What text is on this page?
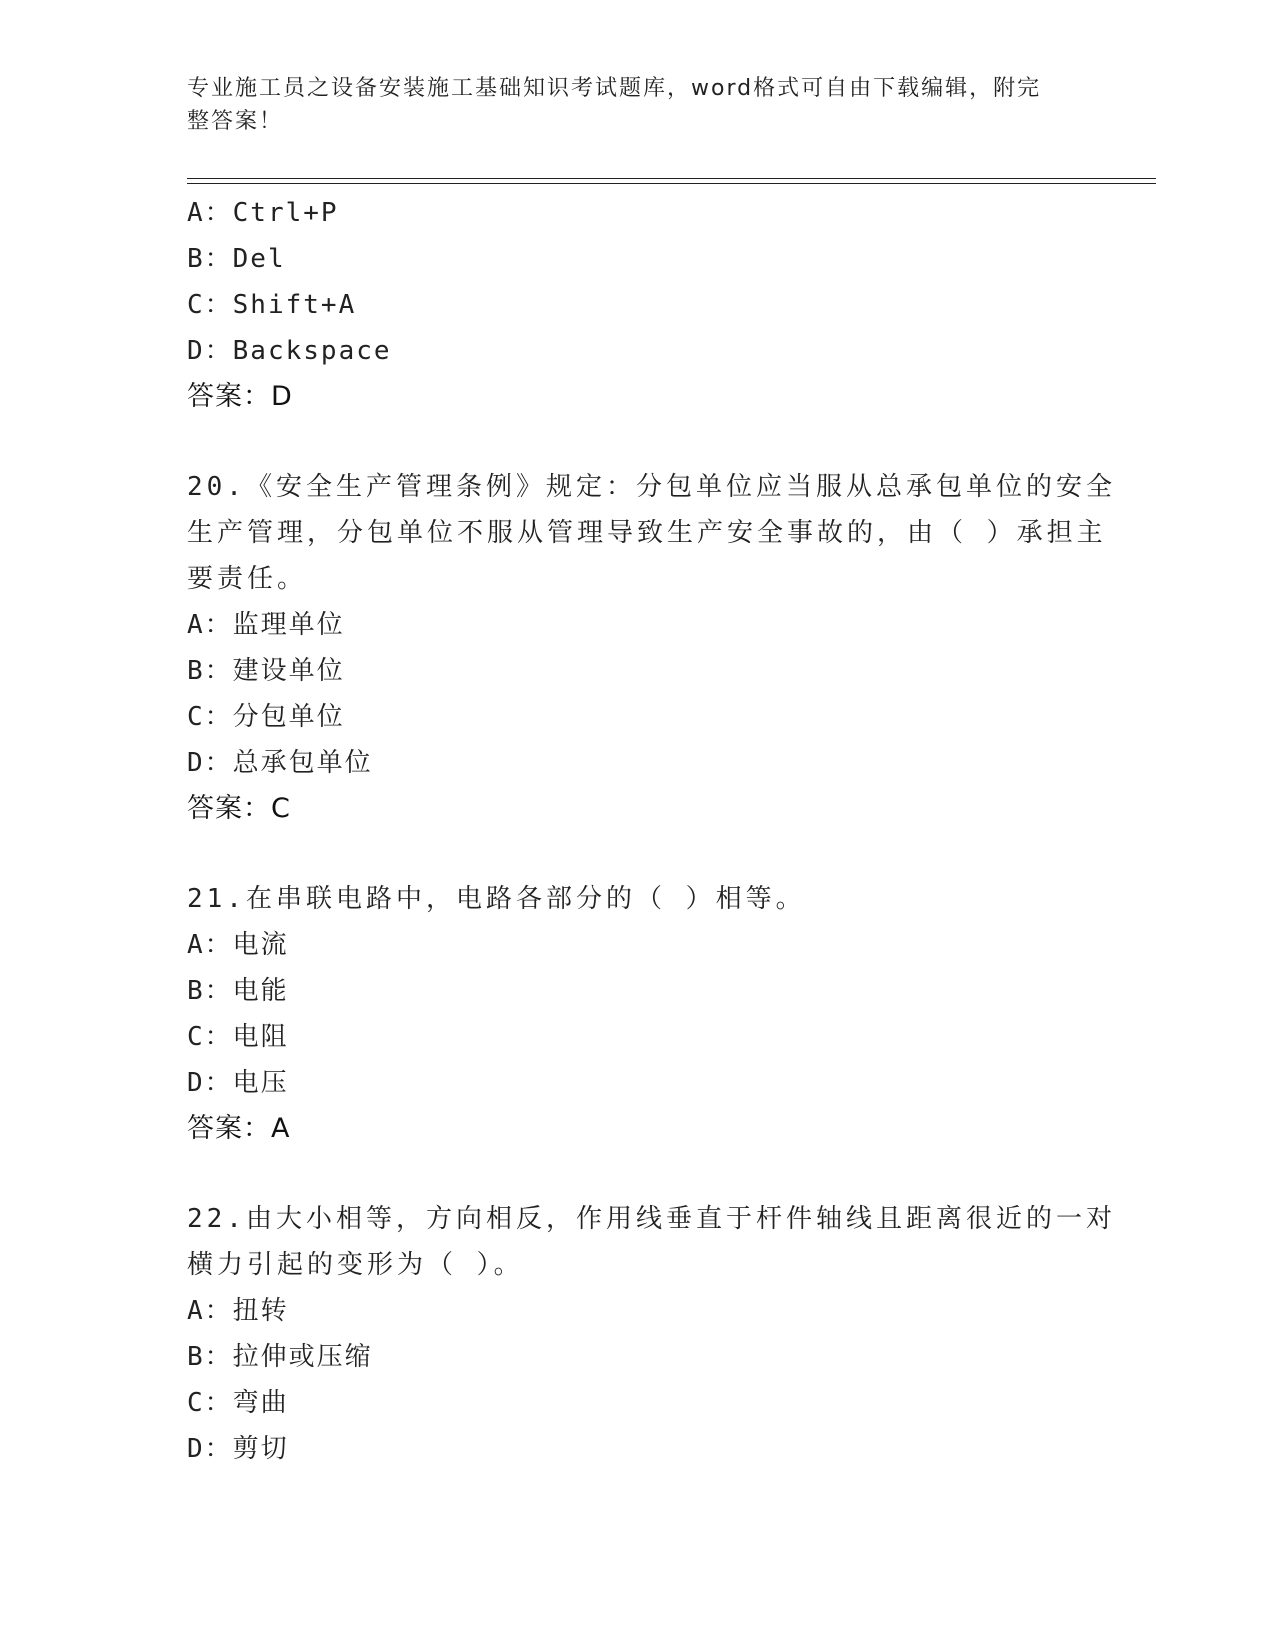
专业施工员之设备安装施工基础知识考试题库，word格式可自由下载编辑，附完
整答案！
A：Ctrl+P
B：Del
C：Shift+A
D：Backspace
答案：D
20.《安全生产管理条例》规定：分包单位应当服从总承包单位的安全
生产管理，分包单位不服从管理导致生产安全事故的，由（ ）承担主
要责任。
A：监理单位
B：建设单位
C：分包单位
D：总承包单位
答案：C
21.在串联电路中，电路各部分的（ ）相等。
A：电流
B：电能
C：电阻
D：电压
答案：A
22.由大小相等，方向相反，作用线垂直于杆件轴线且距离很近的一对
横力引起的变形为（ ）。
A：扭转
B：拉伸或压缩
C：弯曲
D：剪切
